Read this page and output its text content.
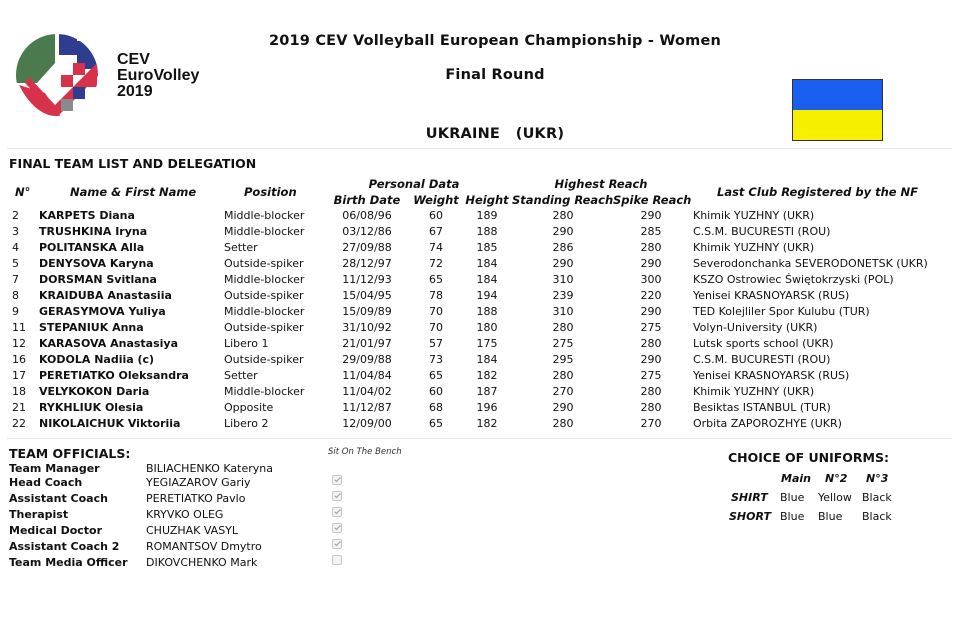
CEV
EuroVolley
2019
2019 CEV Volleyball European Championship - Women
Final Round
UKRAINE   (UKR)
FINAL TEAM LIST AND DELEGATION
N°	Name & First Name	Position
Personal Data
Birth Date Weight Height
Highest Reach
Standing Reach Spike Reach
Last Club Registered by the NF
2 KARPETS Diana	Middle-blocker	06/08/96	60	189	280	290	Khimik YUZHNY (UKR)
3 TRUSHKINA Iryna	Middle-blocker	03/12/86	67	188	290	285	C.S.M. BUCURESTI (ROU)
4 POLITANSKA Alla	Setter	27/09/88	74	185	286	280	Khimik YUZHNY (UKR)
5 DENYSOVA Karyna	Outside-spiker	28/12/97	72	184	290	290	Severodonchanka SEVERODONETSK (UKR)
7 DORSMAN Svitlana	Middle-blocker	11/12/93	65	184	310	300	KSZO Ostrowiec Świętokrzyski (POL)
8 KRAIDUBA Anastasiia	Outside-spiker	15/04/95	78	194	239	220	Yenisei KRASNOYARSK (RUS)
9 GERASYMOVA Yuliya	Middle-blocker	15/09/89	70	188	310	290	TED Kolejliler Spor Kulubu (TUR)
11 STEPANIUK Anna	Outside-spiker	31/10/92	70	180	280	275	Volyn-University (UKR)
12 KARASOVA Anastasiya	Libero 1	21/01/97	57	175	275	280	Lutsk sports school (UKR)
16 KODOLA Nadiia (c)	Outside-spiker	29/09/88	73	184	295	290	C.S.M. BUCURESTI (ROU)
17 PERETIATKO Oleksandra	Setter	11/04/84	65	182	280	275	Yenisei KRASNOYARSK (RUS)
18 VELYKOKON Daria	Middle-blocker	11/04/02	60	187	270	280	Khimik YUZHNY (UKR)
21 RYKHLIUK Olesia	Opposite	11/12/87	68	196	290	280	Besiktas ISTANBUL (TUR)
22 NIKOLAICHUK Viktoriia	Libero 2	12/09/00	65	182	280	270	Orbita ZAPOROZHYE (UKR)
TEAM OFFICIALS:	Sit On The Bench
Team Manager	BILIACHENKO Kateryna
Head Coach	YEGIAZAROV Gariy
Assistant Coach	PERETIATKO Pavlo
Therapist	KRYVKO OLEG
Medical Doctor	CHUZHAK VASYL
Assistant Coach 2 ROMANTSOV Dmytro
Team Media Officer DIKOVCHENKO Mark
CHOICE OF UNIFORMS:
Main N°2 N°3
SHIRT Blue Yellow Black
SHORT Blue Blue Black
